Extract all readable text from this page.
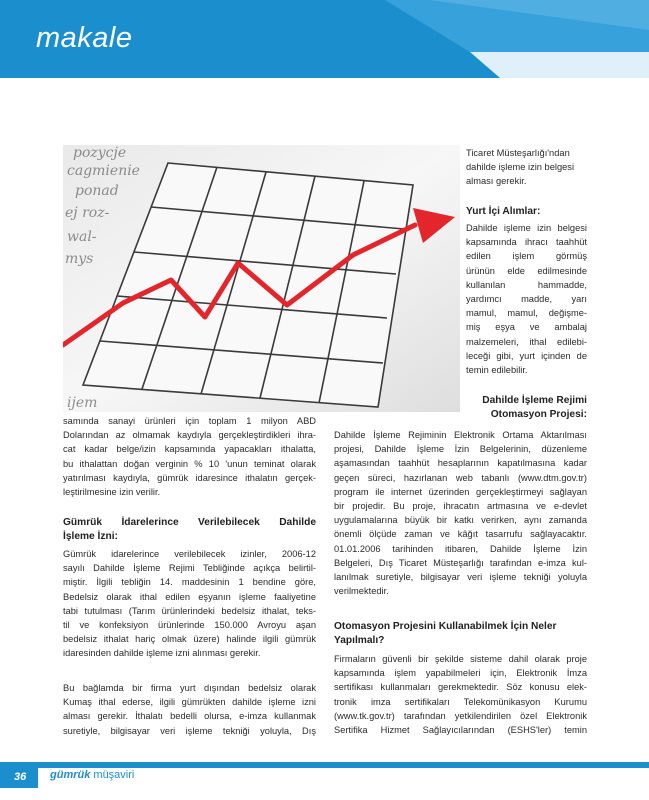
makale
pozycje
cagmienie
ponad
ej roz-
wal-
mys
ijem

Ticaret Müsteşarlığı'ndan

dahilde işleme izin belgesi

alması gerekir.

Yurt İçi Alımlar:

Dahilde işleme izin belgesi

kapsamında ihracı taahhüt

edilen işlem görmüş

ürünün elde edilmesinde

kullanılan hammadde,

yardımcı madde, yarı

mamul, mamul, değişme-

miş eşya ve ambalaj

malzemeleri, ithal edilebi-

leceği gibi, yurt içinden de

temin edilebilir.

Dahilde İşleme Rejimi
Otomasyon Projesi:

Dahilde İşleme Rejiminin Elektronik Ortama Aktarılması

projesi, Dahilde İşleme İzin Belgelerinin, düzenleme

aşamasından taahhüt hesaplarının kapatılmasına kadar

geçen süreci, hazırlanan web tabanlı (www.dtm.gov.tr)

program ile internet üzerinden gerçekleştirmeyi sağlayan

bir projedir. Bu proje, ihracatın artmasına ve e-devlet

uygulamalarına büyük bir katkı verirken, aynı zamanda

önemli ölçüde zaman ve kâğıt tasarrufu sağlayacaktır.

01.01.2006 tarihinden itibaren, Dahilde İşleme İzin

Belgeleri, Dış Ticaret Müsteşarlığı tarafından e-imza kul-

lanılmak suretiyle, bilgisayar veri işleme tekniği yoluyla

verilmektedir.

Otomasyon Projesini Kullanabilmek İçin Neler
Yapılmalı?

Firmaların güvenli bir şekilde sisteme dahil olarak proje

kapsamında işlem yapabilmeleri için, Elektronik İmza

sertifikası kullanmaları gerekmektedir. Söz konusu elek-

tronik imza sertifikaları Telekomünikasyon Kurumu

(www.tk.gov.tr) tarafından yetkilendirilen özel Elektronik

Sertifika Hizmet Sağlayıcılarından (ESHS'ler) temin

samında sanayi ürünleri için toplam 1 milyon ABD

Dolarından az olmamak kaydıyla gerçekleştirdikleri ihra-

cat kadar belge/izin kapsamında yapacakları ithalatta,

bu ithalattan doğan verginin % 10 'unun teminat olarak

yatırılması kaydıyla, gümrük idaresince ithalatın gerçek-

leştirilmesine izin verilir.

Gümrük İdarelerince Verilebilecek Dahilde
İşleme İzni:

Gümrük idarelerince verilebilecek izinler, 2006-12

sayılı Dahilde İşleme Rejimi Tebliğinde açıkça belirtil-

miştir. İlgili tebliğin 14. maddesinin 1 bendine göre,

Bedelsiz olarak ithal edilen eşyanın işleme faaliyetine

tabi tutulması (Tarım ürünlerindeki bedelsiz ithalat, teks-

til ve konfeksiyon ürünlerinde 150.000 Avroyu aşan

bedelsiz ithalat hariç olmak üzere) halinde ilgili gümrük

idaresinden dahilde işleme izni alınması gerekir.

Bu bağlamda bir firma yurt dışından bedelsiz olarak

Kumaş ithal ederse, ilgili gümrükten dahilde işleme izni

alması gerekir. İthalatı bedelli olursa, e-imza kullanmak

suretiyle, bilgisayar veri işleme tekniği yoluyla, Dış

36	gümrük müşaviri
